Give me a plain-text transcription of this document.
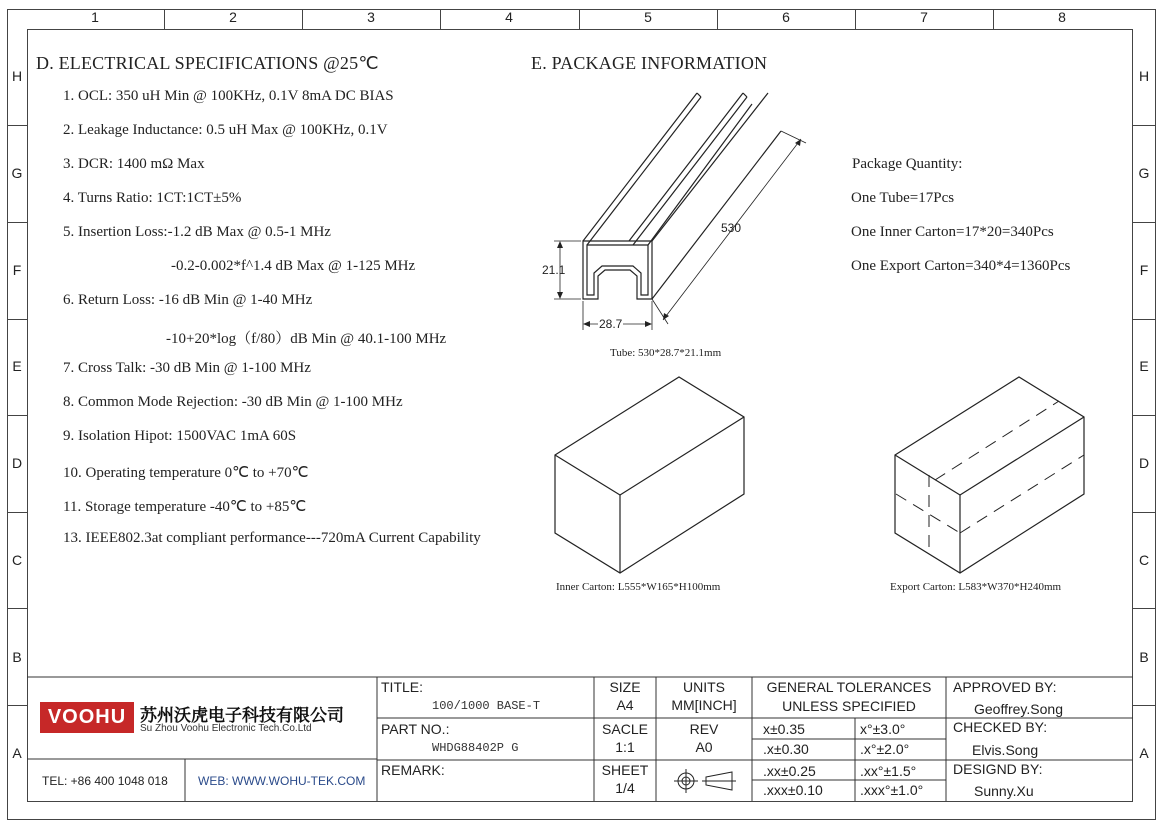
1	2	3	4	5	6	7	8
H
G
F
E
D
C
B
A
H
G
F
E
D
C
B
A
D. ELECTRICAL SPECIFICATIONS @25℃
1. OCL: 350 uH Min @ 100KHz, 0.1V 8mA DC BIAS
2. Leakage Inductance: 0.5 uH Max @ 100KHz, 0.1V
3. DCR: 1400 mΩ Max
4. Turns Ratio: 1CT:1CT±5%
5. Insertion Loss:-1.2 dB Max @ 0.5-1 MHz
-0.2-0.002*f^1.4 dB Max @ 1-125 MHz
6. Return Loss: -16 dB Min @ 1-40 MHz
-10+20*log（f/80）dB Min @ 40.1-100 MHz
7. Cross Talk: -30 dB Min @ 1-100 MHz
8. Common Mode Rejection: -30 dB Min @ 1-100 MHz
9. Isolation Hipot: 1500VAC 1mA 60S
10. Operating temperature 0℃ to +70℃
11. Storage temperature -40℃ to +85℃
13. IEEE802.3at compliant performance---720mA Current Capability
E. PACKAGE INFORMATION
Package Quantity:
One Tube=17Pcs
One Inner Carton=17*20=340Pcs
One Export Carton=340*4=1360Pcs
530
21.1
28.7
Tube: 530*28.7*21.1mm
Inner Carton: L555*W165*H100mm	Export Carton: L583*W370*H240mm
VOOHU 苏州沃虎电子科技有限公司
Su Zhou Voohu Electronic Tech.Co.Ltd
TEL: +86 400 1048 018	WEB: WWW.WOHU-TEK.COM
TITLE:
100/1000 BASE-T
PART NO.:
WHDG88402P G
REMARK:
SIZE
A4
SACLE
1:1
SHEET
1/4
UNITS
MM[INCH]
REV
A0
GENERAL TOLERANCES
UNLESS SPECIFIED
x±0.35	x°±3.0°
.x±0.30	.x°±2.0°
.xx±0.25	.xx°±1.5°
.xxx±0.10	.xxx°±1.0°
APPROVED BY:
Geoffrey.Song
CHECKED BY:
Elvis.Song
DESIGND BY:
Sunny.Xu
